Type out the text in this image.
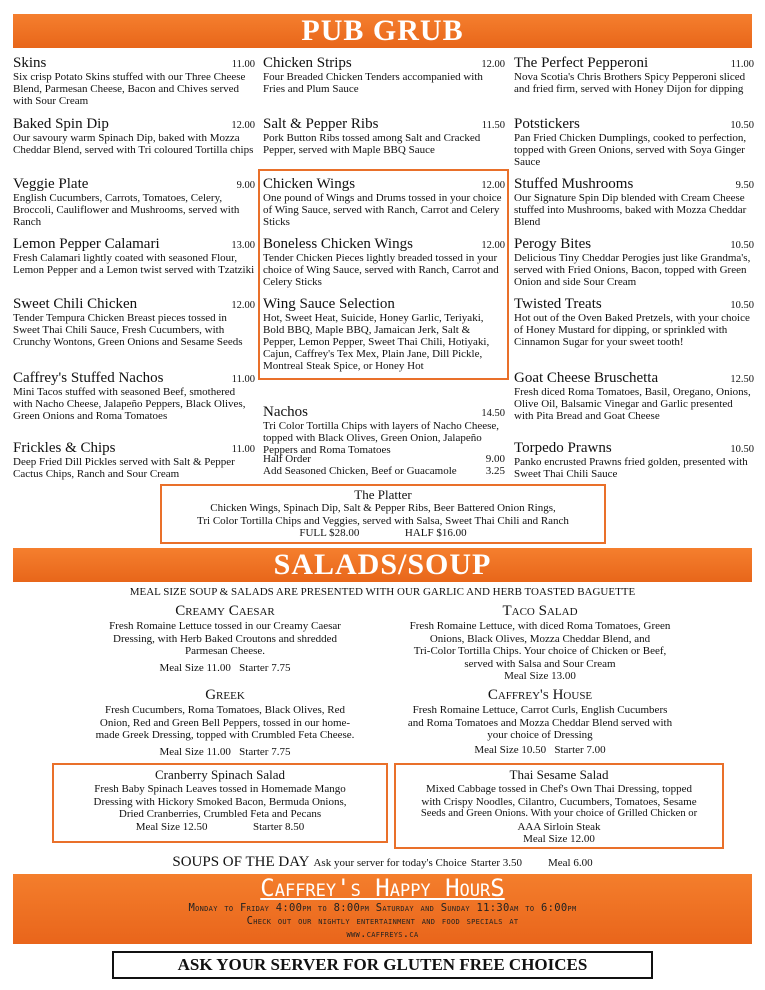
PUB GRUB
Skins	11.00
Six crisp Potato Skins stuffed with our Three Cheese Blend, Parmesan Cheese, Bacon and Chives served with Sour Cream
Baked Spin Dip	12.00
Our savoury warm Spinach Dip, baked with Mozza Cheddar Blend, served with Tri coloured Tortilla chips
Veggie Plate	9.00
English Cucumbers, Carrots, Tomatoes, Celery, Broccoli, Cauliflower and Mushrooms, served with Ranch
Lemon Pepper Calamari	13.00
Fresh Calamari lightly coated with seasoned Flour, Lemon Pepper and a Lemon twist served with Tzatziki
Sweet Chili Chicken	12.00
Tender Tempura Chicken Breast pieces tossed in Sweet Thai Chili Sauce, Fresh Cucumbers, with Crunchy Wontons, Green Onions and Sesame Seeds
Caffrey's Stuffed Nachos	11.00
Mini Tacos stuffed with seasoned Beef, smothered with Nacho Cheese, Jalapeño Peppers, Black Olives, Green Onions and Roma Tomatoes
Frickles & Chips	11.00
Deep Fried Dill Pickles served with Salt & Pepper Cactus Chips, Ranch and Sour Cream
Chicken Strips	12.00
Four Breaded Chicken Tenders accompanied with Fries and Plum Sauce
Salt & Pepper Ribs	11.50
Pork Button Ribs tossed among Salt and Cracked Pepper, served with Maple BBQ Sauce
Chicken Wings	12.00
One pound of Wings and Drums tossed in your choice of Wing Sauce, served with Ranch, Carrot and Celery Sticks
Boneless Chicken Wings	12.00
Tender Chicken Pieces lightly breaded tossed in your choice of Wing Sauce, served with Ranch, Carrot and Celery Sticks
Wing Sauce Selection
Hot, Sweet Heat, Suicide, Honey Garlic, Teriyaki, Bold BBQ, Maple BBQ, Jamaican Jerk, Salt & Pepper, Lemon Pepper, Sweet Thai Chili, Hotiyaki, Cajun, Caffrey's Tex Mex, Plain Jane, Dill Pickle, Montreal Steak Spice, or Honey Hot
Nachos	14.50
Tri Color Tortilla Chips with layers of Nacho Cheese, topped with Black Olives, Green Onion, Jalapeño Peppers and Roma Tomatoes
Half Order	9.00
Add Seasoned Chicken, Beef or Guacamole	3.25
The Perfect Pepperoni	11.00
Nova Scotia's Chris Brothers Spicy Pepperoni sliced and fried firm, served with Honey Dijon for dipping
Potstickers	10.50
Pan Fried Chicken Dumplings, cooked to perfection, topped with Green Onions, served with Soya Ginger Sauce
Stuffed Mushrooms	9.50
Our Signature Spin Dip blended with Cream Cheese stuffed into Mushrooms, baked with Mozza Cheddar Blend
Perogy Bites	10.50
Delicious Tiny Cheddar Perogies just like Grandma's, served with Fried Onions, Bacon, topped with Green Onion and side Sour Cream
Twisted Treats	10.50
Hot out of the Oven Baked Pretzels, with your choice of Honey Mustard for dipping, or sprinkled with Cinnamon Sugar for your sweet tooth!
Goat Cheese Bruschetta	12.50
Fresh diced Roma Tomatoes, Basil, Oregano, Onions, Olive Oil, Balsamic Vinegar and Garlic presented with Pita Bread and Goat Cheese
Torpedo Prawns	10.50
Panko encrusted Prawns fried golden, presented with Sweet Thai Chili Sauce
The Platter
Chicken Wings, Spinach Dip, Salt & Pepper Ribs, Beer Battered Onion Rings,
Tri Color Tortilla Chips and Veggies, served with Salsa, Sweet Thai Chili and Ranch
FULL $28.00	HALF $16.00
SALADS/SOUP
MEAL SIZE SOUP & SALADS ARE PRESENTED WITH OUR GARLIC AND HERB TOASTED BAGUETTE
Creamy Caesar
Fresh Romaine Lettuce tossed in our Creamy Caesar
Dressing, with Herb Baked Croutons and shredded
Parmesan Cheese.
Meal Size 11.00   Starter 7.75
Taco Salad
Fresh Romaine Lettuce, with diced Roma Tomatoes, Green
Onions, Black Olives, Mozza Cheddar Blend, and
Tri-Color Tortilla Chips. Your choice of Chicken or Beef,
served with Salsa and Sour Cream
Meal Size 13.00
Greek
Fresh Cucumbers, Roma Tomatoes, Black Olives, Red
Onion, Red and Green Bell Peppers, tossed in our home-
made Greek Dressing, topped with Crumbled Feta Cheese.
Meal Size 11.00   Starter 7.75
Caffrey's House
Fresh Romaine Lettuce, Carrot Curls, English Cucumbers
and Roma Tomatoes and Mozza Cheddar Blend served with
your choice of Dressing
Meal Size 10.50   Starter 7.00
Cranberry Spinach Salad
Fresh Baby Spinach Leaves tossed in Homemade Mango
Dressing with Hickory Smoked Bacon, Bermuda Onions,
Dried Cranberries, Crumbled Feta and Pecans
Meal Size 12.50	Starter 8.50
Thai Sesame Salad
Mixed Cabbage tossed in Chef's Own Thai Dressing, topped
with Crispy Noodles, Cilantro, Cucumbers, Tomatoes, Sesame
Seeds and Green Onions. With your choice of Grilled Chicken or
AAA Sirloin Steak
Meal Size 12.00
SOUPS OF THE DAY Ask your server for today's Choice Starter 3.50 Meal 6.00
Caffrey's Happy HourS
Monday to Friday 4:00pm to 8:00pm Saturday and Sunday 11:30am to 6:00pm
Check out our nightly entertainment and food specials at
www.caffreys.ca
ASK YOUR SERVER FOR GLUTEN FREE CHOICES
